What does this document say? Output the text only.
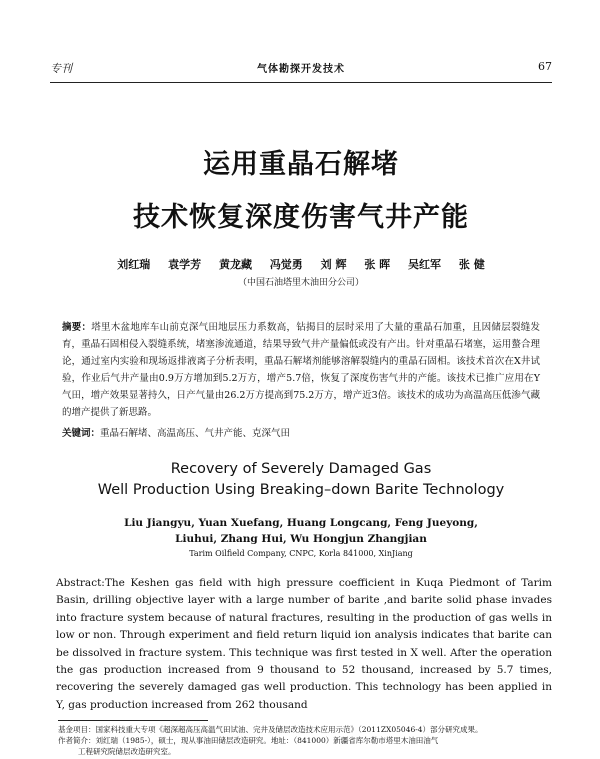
专刊	气体勘探开发技术	67
运用重晶石解堵
技术恢复深度伤害气井产能
刘红瑞 袁学芳 黄龙藏 冯觉勇 刘 辉 张 晖 吴红军 张 健
（中国石油塔里木油田分公司）
摘要：塔里木盆地库车山前克深气田地层压力系数高，钻揭目的层时采用了大量的重晶石加重，且因储层裂缝发育，重晶石固相侵入裂缝系统，堵塞渗流通道，结果导致气井产量偏低或没有产出。针对重晶石堵塞，运用螯合理论，通过室内实验和现场返排液离子分析表明，重晶石解堵剂能够溶解裂缝内的重晶石固相。该技术首次在X井试验，作业后气井产量由0.9万方增加到5.2万方，增产5.7倍，恢复了深度伤害气井的产能。该技术已推广应用在Y气田，增产效果显著持久，日产气量由26.2万方提高到75.2万方，增产近3倍。该技术的成功为高温高压低渗气藏的增产提供了新思路。
关键词：重晶石解堵、高温高压、气井产能、克深气田
Recovery of Severely Damaged Gas
Well Production Using Breaking–down Barite Technology
Liu Jiangyu, Yuan Xuefang, Huang Longcang, Feng Jueyong,
Liuhui, Zhang Hui, Wu Hongjun Zhangjian
Tarim Oilfield Company, CNPC, Korla 841000, XinJiang
Abstract:The Keshen gas field with high pressure coefficient in Kuqa Piedmont of Tarim Basin, drilling objective layer with a large number of barite ,and barite solid phase invades into fracture system because of natural fractures, resulting in the production of gas wells in low or non. Through experiment and field return liquid ion analysis indicates that barite can be dissolved in fracture system. This technique was first tested in X well. After the operation the gas production increased from 9 thousand to 52 thousand, increased by 5.7 times, recovering the severely damaged gas well production. This technology has been applied in Y, gas production increased from 262 thousand
基金项目：国家科技重大专项《超深超高压高温气田试油、完井及储层改造技术应用示范》（2011ZX05046-4）部分研究成果。
作者简介：刘红瑞（1985-），硕士，现从事油田储层改造研究。地址：（841000）新疆省库尔勒市塔里木油田油气
工程研究院储层改造研究室。
